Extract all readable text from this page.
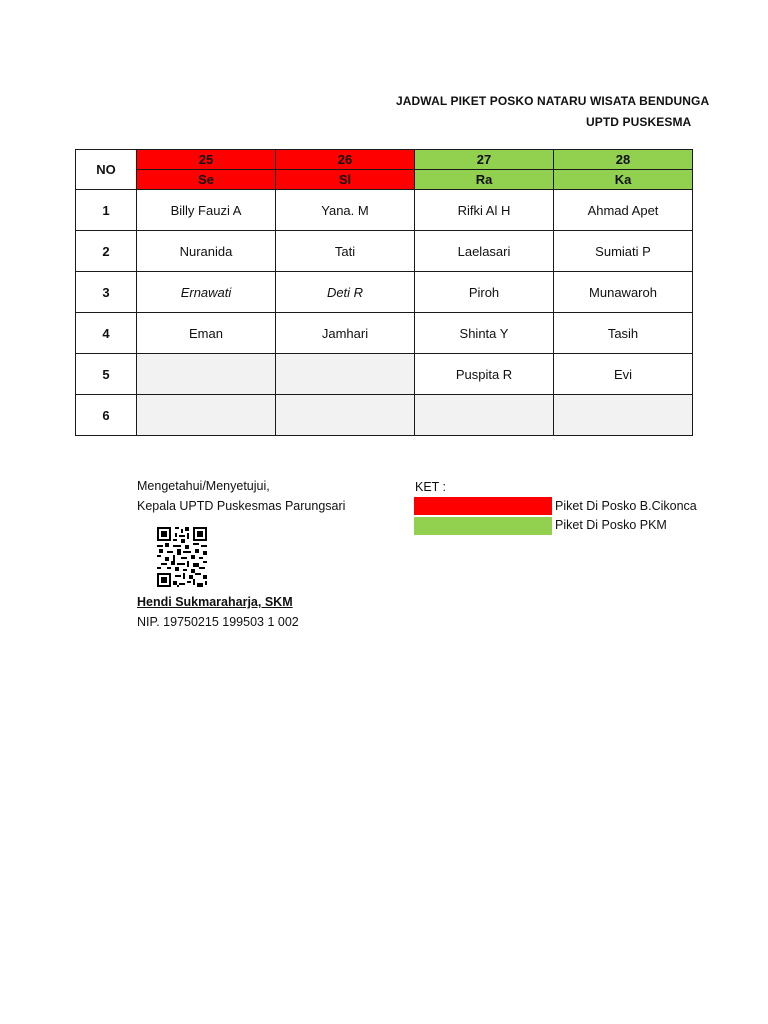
JADWAL PIKET POSKO NATARU WISATA BENDUNGA
UPTD PUSKESMA
NO	25	26	27	28
	Se	Sl	Ra	Ka
1	Billy Fauzi A	Yana. M	Rifki Al H	Ahmad Apet
2	Nuranida	Tati	Laelasari	Sumiati P
3	Ernawati	Deti R	Piroh	Munawaroh
4	Eman	Jamhari	Shinta Y	Tasih
5			Puspita R	Evi
6				
Mengetahui/Menyetujui,
Kepala UPTD Puskesmas Parungsari
Hendi Sukmaraharja, SKM
NIP. 19750215 199503 1 002
KET :
Piket Di Posko B.Cikonca
Piket Di Posko PKM
